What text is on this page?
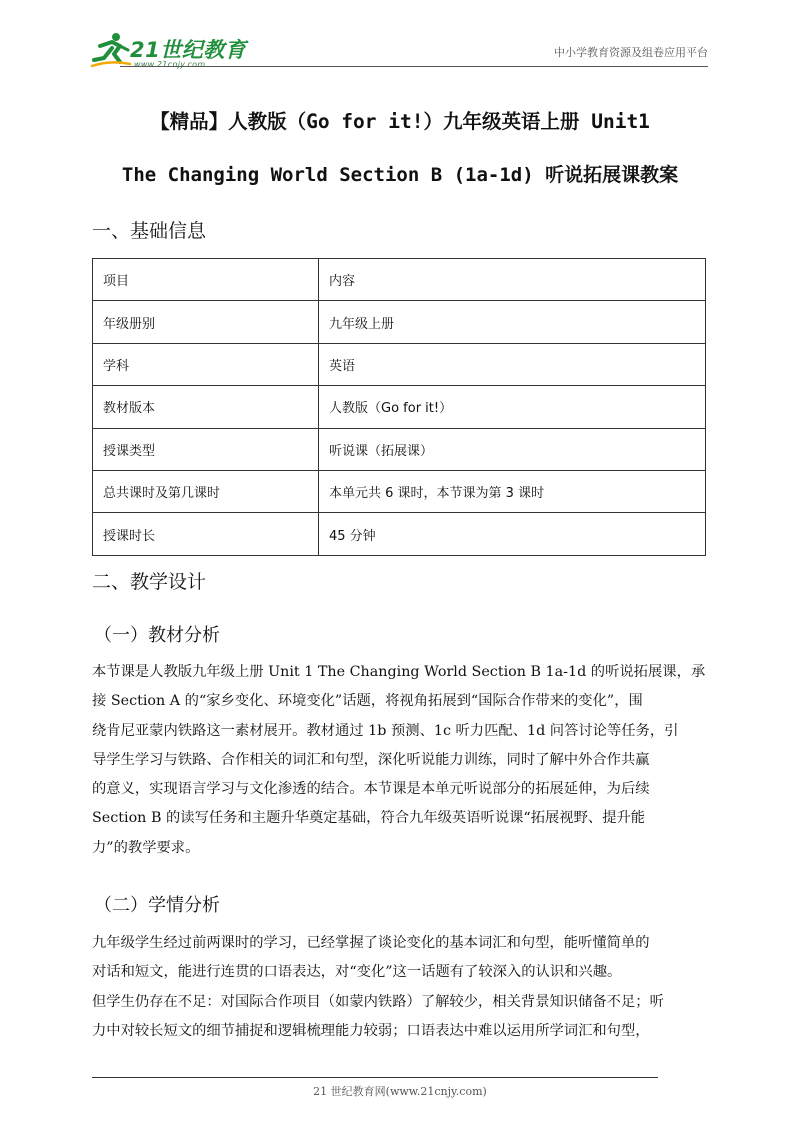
21世纪教育
www.21cnjy.com
中小学教育资源及组卷应用平台
【精品】人教版（Go for it!）九年级英语上册 Unit1
The Changing World Section B (1a-1d) 听说拓展课教案
一、基础信息
项目	内容
年级册别	九年级上册
学科	英语
教材版本	人教版（Go for it!）
授课类型	听说课（拓展课）
总共课时及第几课时	本单元共 6 课时，本节课为第 3 课时
授课时长	45 分钟
二、教学设计
（一）教材分析
本节课是人教版九年级上册 Unit 1 The Changing World Section B 1a-1d 的听说拓展课，承
接 Section A 的“家乡变化、环境变化”话题，将视角拓展到“国际合作带来的变化”，围
绕肯尼亚蒙内铁路这一素材展开。教材通过 1b 预测、1c 听力匹配、1d 问答讨论等任务，引
导学生学习与铁路、合作相关的词汇和句型，深化听说能力训练，同时了解中外合作共赢
的意义，实现语言学习与文化渗透的结合。本节课是本单元听说部分的拓展延伸，为后续
Section B 的读写任务和主题升华奠定基础，符合九年级英语听说课“拓展视野、提升能
力”的教学要求。
（二）学情分析
九年级学生经过前两课时的学习，已经掌握了谈论变化的基本词汇和句型，能听懂简单的
对话和短文，能进行连贯的口语表达，对“变化”这一话题有了较深入的认识和兴趣。
但学生仍存在不足：对国际合作项目（如蒙内铁路）了解较少，相关背景知识储备不足；听
力中对较长短文的细节捕捉和逻辑梳理能力较弱；口语表达中难以运用所学词汇和句型，
21 世纪教育网(www.21cnjy.com)
